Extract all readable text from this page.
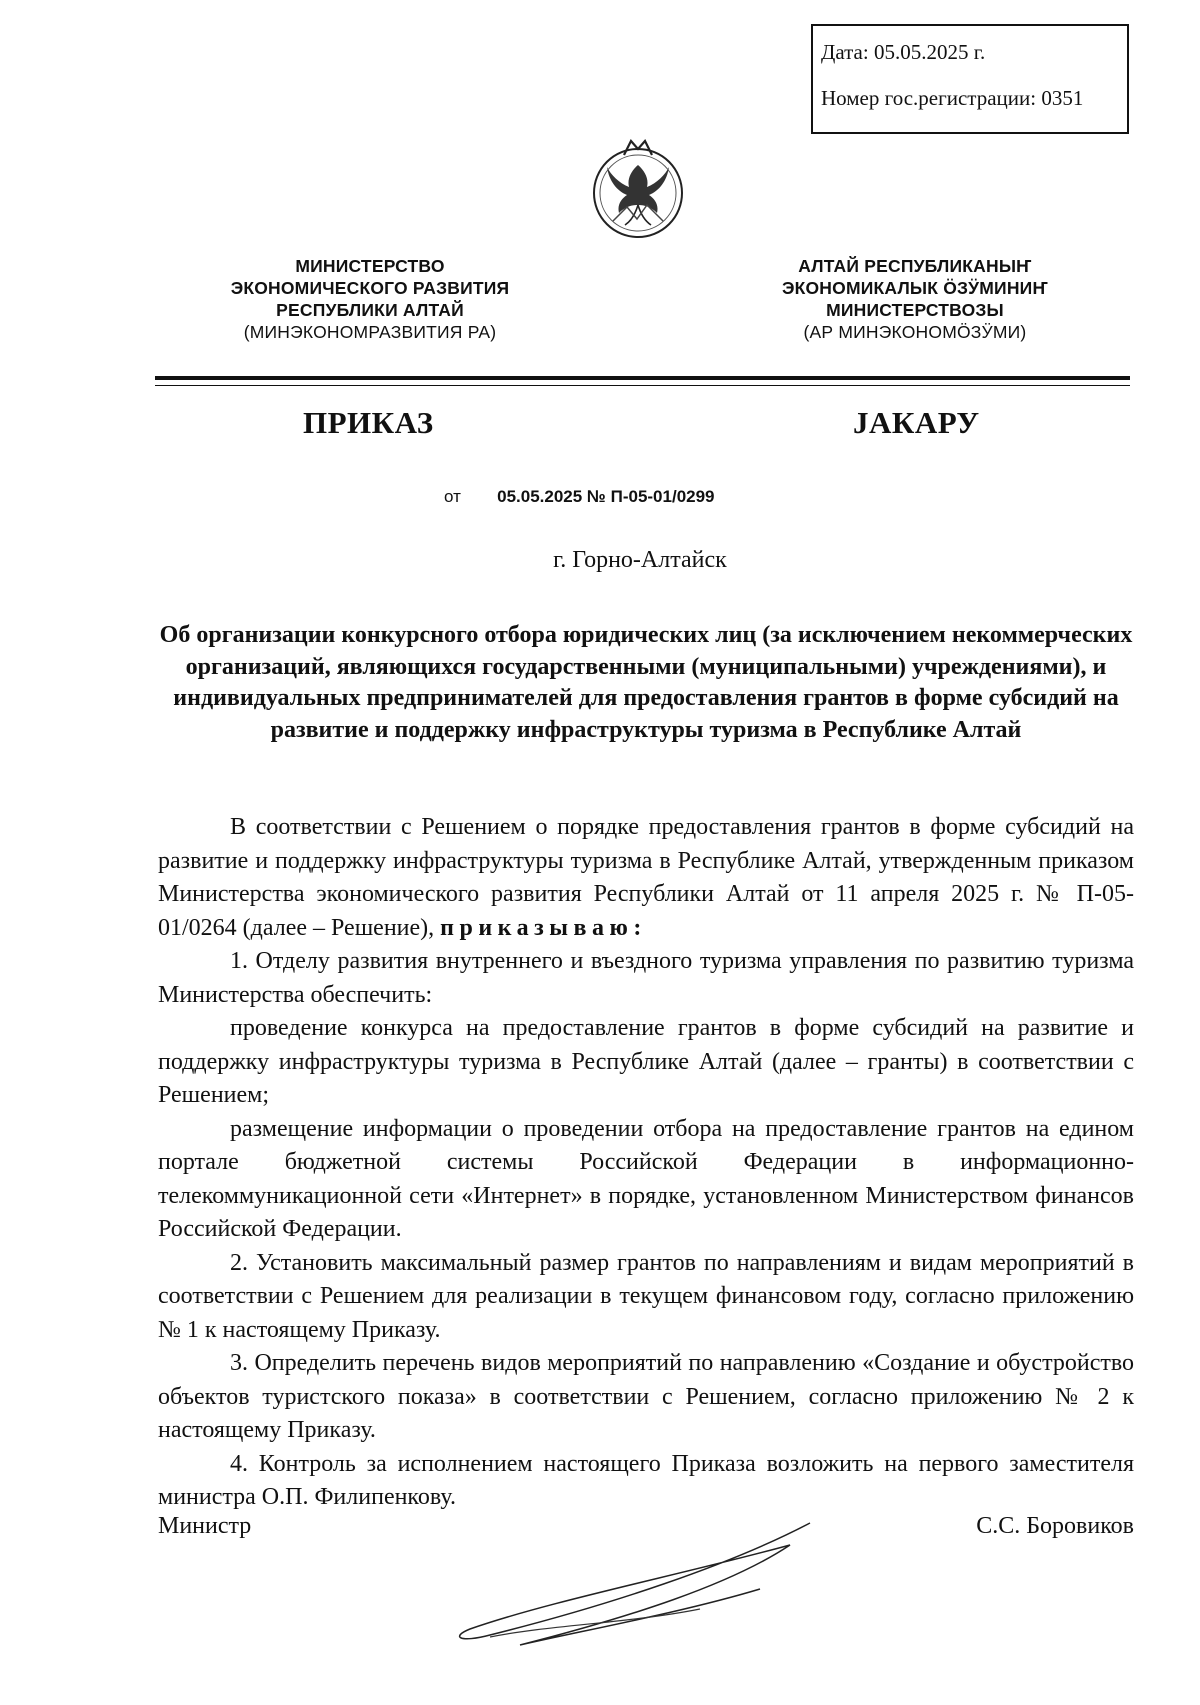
Дата: 05.05.2025 г.
Номер гос.регистрации: 0351
МИНИСТЕРСТВО
ЭКОНОМИЧЕСКОГО РАЗВИТИЯ
РЕСПУБЛИКИ АЛТАЙ
(МИНЭКОНОМРАЗВИТИЯ РА)
АЛТАЙ РЕСПУБЛИКАНЫҤ
ЭКОНОМИКАЛЫК ÖЗӰМИНИҤ
МИНИСТЕРСТВОЗЫ
(АР МИНЭКОНОМÖЗӰМИ)
ПРИКАЗ	ЈАКАРУ
от 05.05.2025 № П-05-01/0299
г. Горно-Алтайск
Об организации конкурсного отбора юридических лиц (за исключением некоммерческих организаций, являющихся государственными (муниципальными) учреждениями), и индивидуальных предпринимателей для предоставления грантов в форме субсидий на развитие и поддержку инфраструктуры туризма в Республике Алтай

В соответствии с Решением о порядке предоставления грантов в форме субсидий на развитие и поддержку инфраструктуры туризма в Республике Алтай, утвержденным приказом Министерства экономического развития Республики Алтай от 11 апреля 2025 г. № П-05-01/0264 (далее – Решение), приказываю:

1. Отделу развития внутреннего и въездного туризма управления по развитию туризма Министерства обеспечить:

проведение конкурса на предоставление грантов в форме субсидий на развитие и поддержку инфраструктуры туризма в Республике Алтай (далее – гранты) в соответствии с Решением;

размещение информации о проведении отбора на предоставление грантов на едином портале бюджетной системы Российской Федерации в информационно-телекоммуникационной сети «Интернет» в порядке, установленном Министерством финансов Российской Федерации.

2. Установить максимальный размер грантов по направлениям и видам мероприятий в соответствии с Решением для реализации в текущем финансовом году, согласно приложению № 1 к настоящему Приказу.

3. Определить перечень видов мероприятий по направлению «Создание и обустройство объектов туристского показа» в соответствии с Решением, согласно приложению № 2 к настоящему Приказу.

4. Контроль за исполнением настоящего Приказа возложить на первого заместителя министра О.П. Филипенкову.

Министр	С.С. Боровиков
